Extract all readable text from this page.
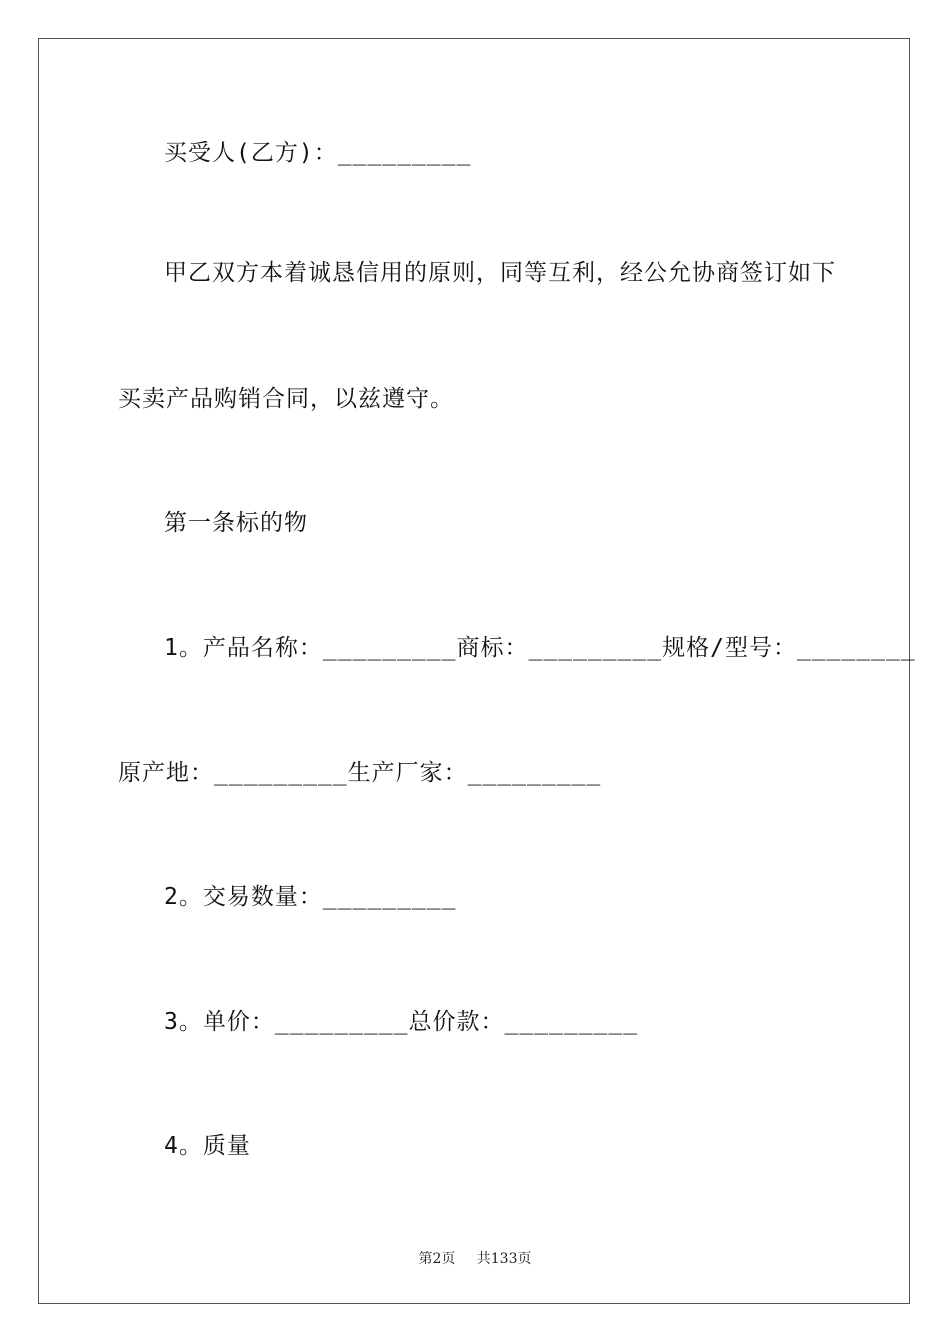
买受人(乙方)：_________
甲乙双方本着诚恳信用的原则，同等互利，经公允协商签订如下
买卖产品购销合同，以兹遵守。
第一条标的物
1。产品名称：_________商标：_________规格/型号：________
原产地：_________生产厂家：_________
2。交易数量：_________
3。单价：_________总价款：_________
4。质量
第2页 共133页
